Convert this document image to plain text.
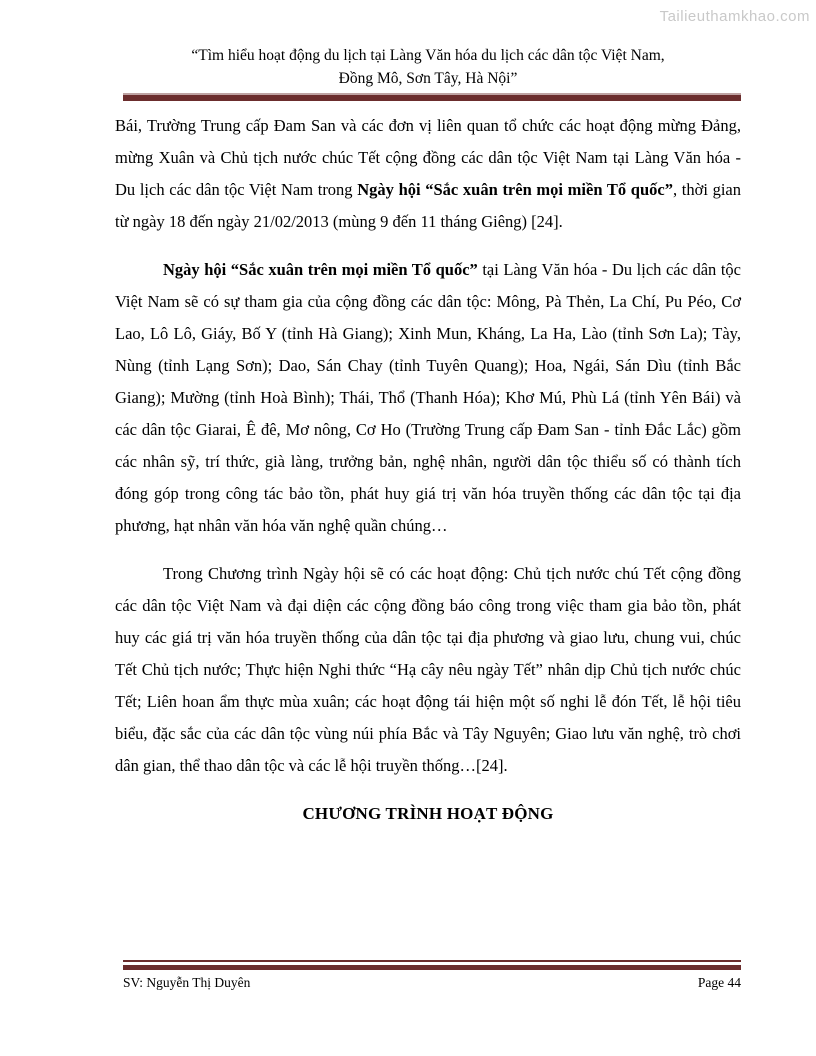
Tailieuthamkhao.com
“Tìm hiểu hoạt động du lịch tại Làng Văn hóa du lịch các dân tộc Việt Nam,
Đồng Mô, Sơn Tây, Hà Nội”

Bái, Trường Trung cấp Đam San và các đơn vị liên quan tổ chức các hoạt động mừng Đảng, mừng Xuân và Chủ tịch nước chúc Tết cộng đồng các dân tộc Việt Nam tại Làng Văn hóa - Du lịch các dân tộc Việt Nam trong Ngày hội “Sắc xuân trên mọi miền Tổ quốc”, thời gian từ ngày 18 đến ngày 21/02/2013 (mùng 9 đến 11 tháng Giêng) [24].

Ngày hội “Sắc xuân trên mọi miền Tổ quốc” tại Làng Văn hóa - Du lịch các dân tộc Việt Nam sẽ có sự tham gia của cộng đồng các dân tộc: Mông, Pà Thẻn, La Chí, Pu Péo, Cơ Lao, Lô Lô, Giáy, Bố Y (tỉnh Hà Giang); Xinh Mun, Kháng, La Ha, Lào (tỉnh Sơn La); Tày, Nùng (tỉnh Lạng Sơn); Dao, Sán Chay (tỉnh Tuyên Quang); Hoa, Ngái, Sán Dìu (tỉnh Bắc Giang); Mường (tỉnh Hoà Bình); Thái, Thổ (Thanh Hóa); Khơ Mú, Phù Lá (tỉnh Yên Bái) và các dân tộc Giarai, Ê đê, Mơ nông, Cơ Ho (Trường Trung cấp Đam San - tỉnh Đắc Lắc) gồm các nhân sỹ, trí thức, già làng, trưởng bản, nghệ nhân, người dân tộc thiểu số có thành tích đóng góp trong công tác bảo tồn, phát huy giá trị văn hóa truyền thống các dân tộc tại địa phương, hạt nhân văn hóa văn nghệ quần chúng…

Trong Chương trình Ngày hội sẽ có các hoạt động: Chủ tịch nước chú Tết cộng đồng các dân tộc Việt Nam và đại diện các cộng đồng báo công trong việc tham gia bảo tồn, phát huy các giá trị văn hóa truyền thống của dân tộc tại địa phương và giao lưu, chung vui, chúc Tết Chủ tịch nước; Thực hiện Nghi thức “Hạ cây nêu ngày Tết” nhân dịp Chủ tịch nước chúc Tết; Liên hoan ẩm thực mùa xuân; các hoạt động tái hiện một số nghi lễ đón Tết, lễ hội tiêu biểu, đặc sắc của các dân tộc vùng núi phía Bắc và Tây Nguyên; Giao lưu văn nghệ, trò chơi dân gian, thể thao dân tộc và các lễ hội truyền thống…[24].

CHƯƠNG TRÌNH HOẠT ĐỘNG
SV: Nguyễn Thị Duyên	Page 44
